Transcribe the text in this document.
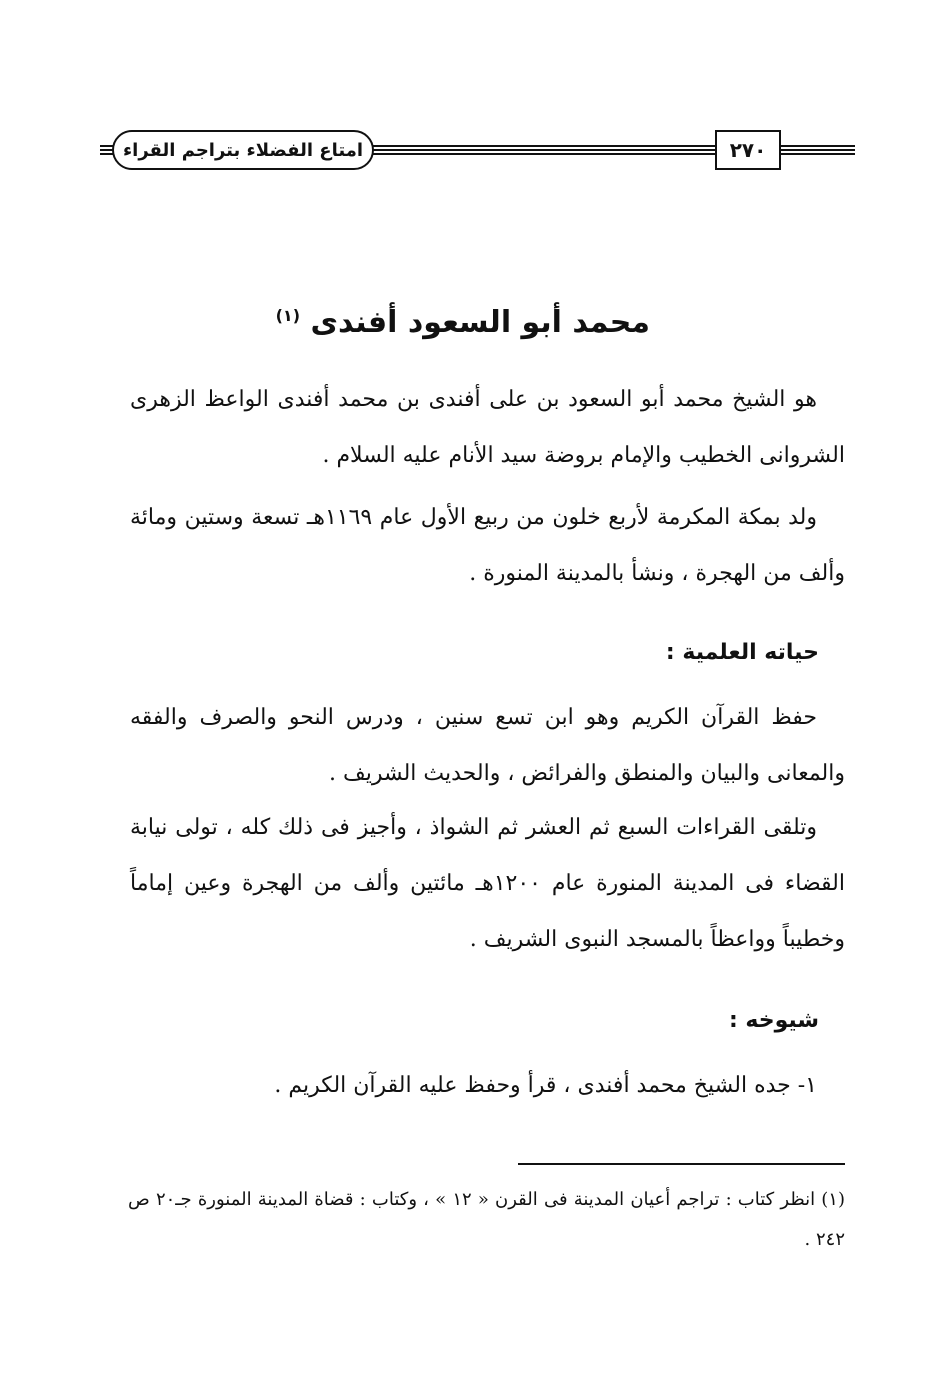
امتاع الفضلاء بتراجم القراء	٢٧٠
محمد أبو السعود أفندى $^{(١)}$
هو الشيخ محمد أبو السعود بن على أفندى بن محمد أفندى الواعظ الزهرى الشروانى الخطيب والإمام بروضة سيد الأنام عليه السلام .
ولد بمكة المكرمة لأربع خلون من ربيع الأول عام ١١٦٩هـ تسعة وستين ومائة وألف من الهجرة ، ونشأ بالمدينة المنورة .
حياته العلمية :
حفظ القرآن الكريم وهو ابن تسع سنين ، ودرس النحو والصرف والفقه والمعانى والبيان والمنطق والفرائض ، والحديث الشريف .
وتلقى القراءات السبع ثم العشر ثم الشواذ ، وأجيز فى ذلك كله ، تولى نيابة القضاء فى المدينة المنورة عام ١٢٠٠هـ مائتين وألف من الهجرة وعين إماماً وخطيباً وواعظاً بالمسجد النبوى الشريف .
شيوخه :
١- جده الشيخ محمد أفندى ، قرأ وحفظ عليه القرآن الكريم .
(١) انظر كتاب : تراجم أعيان المدينة فى القرن « ١٢ » ، وكتاب : قضاة المدينة المنورة جـ٢٠ ص ٢٤٢ .
